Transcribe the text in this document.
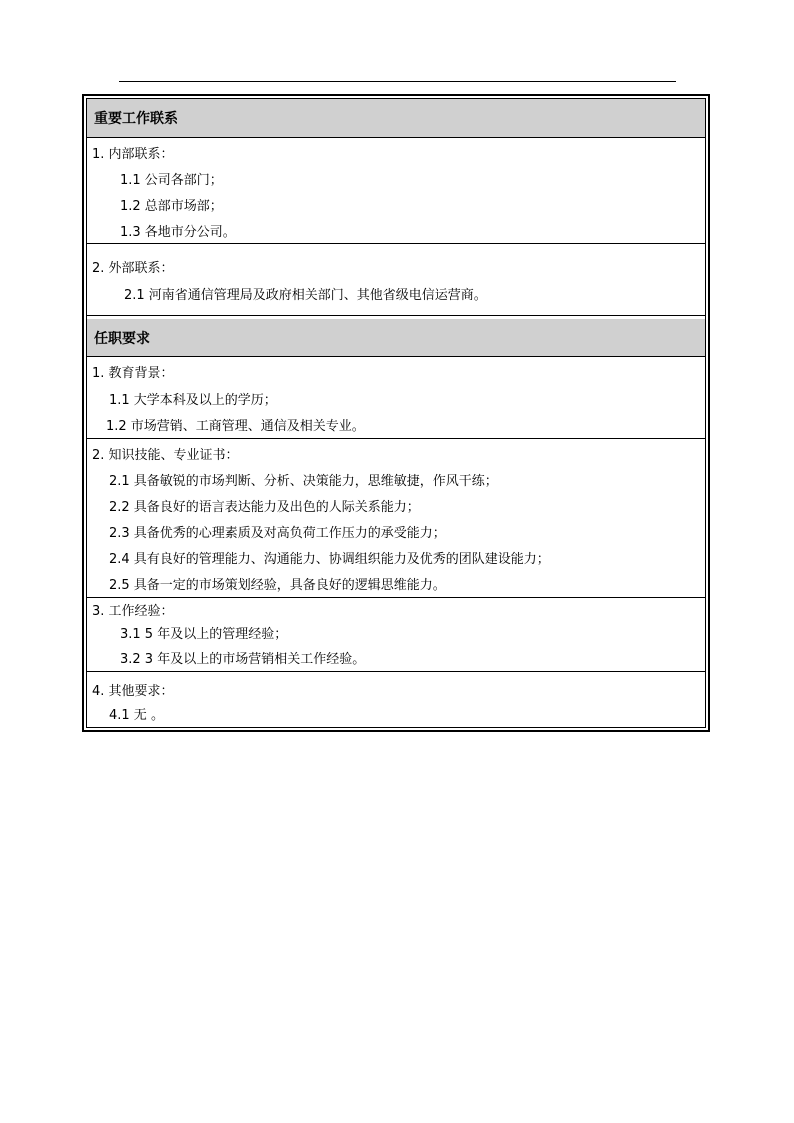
重要工作联系
1. 内部联系：
1.1 公司各部门；
1.2 总部市场部；
1.3 各地市分公司。
2. 外部联系：
2.1 河南省通信管理局及政府相关部门、其他省级电信运营商。
任职要求
1. 教育背景：
1.1 大学本科及以上的学历；
1.2 市场营销、工商管理、通信及相关专业。
2. 知识技能、专业证书：
2.1 具备敏锐的市场判断、分析、决策能力，思维敏捷，作风干练；
2.2 具备良好的语言表达能力及出色的人际关系能力；
2.3 具备优秀的心理素质及对高负荷工作压力的承受能力；
2.4 具有良好的管理能力、沟通能力、协调组织能力及优秀的团队建设能力；
2.5 具备一定的市场策划经验，具备良好的逻辑思维能力。
3. 工作经验：
3.1 5 年及以上的管理经验；
3.2 3 年及以上的市场营销相关工作经验。
4. 其他要求：
4.1 无 。
